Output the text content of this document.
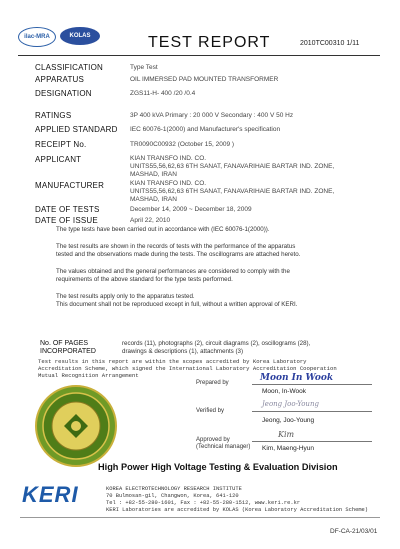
ilac-MRA	KOLAS	TEST REPORT	2010TC00310 1/11
CLASSIFICATION	Type Test
APPARATUS	OIL IMMERSED PAD MOUNTED TRANSFORMER
DESIGNATION	ZGS11-H- 400 /20 /0.4
RATINGS	3P 400 kVA Primary : 20 000 V Secondary : 400 V 50 Hz
APPLIED STANDARD IEC 60076-1(2000) and Manufacturer's specification
RECEIPT No.	TR0090C00932 (October 15, 2009 )
APPLICANT	KIAN TRANSFO IND. CO.
UNITS55,56,62,63 6TH SANAT, FANAVARIHAIE BARTAR IND. ZONE,
MASHAD, IRAN
MANUFACTURER	KIAN TRANSFO IND. CO.
UNITS55,56,62,63 6TH SANAT, FANAVARIHAIE BARTAR IND. ZONE,
MASHAD, IRAN
DATE OF TESTS	December 14, 2009 ~ December 18, 2009
DATE OF ISSUE	April 22, 2010
The type tests have been carried out in accordance with (IEC 60076-1(2000)).
The test results are shown in the records of tests with the performance of the apparatus
tested and the observations made during the tests. The oscillograms are attached hereto.
The values obtained and the general performances are considered to comply with the
requirements of the above standard for the type tests performed.
The test results apply only to the apparatus tested.
This document shall not be reproduced except in full, without a written approval of KERI.
No. OF PAGES
INCORPORATED
records (11), photographs (2), circuit diagrams (2), oscillograms (28),
drawings & descriptions (1), attachments (3)
Test results in this report are within the scopes accredited by Korea Laboratory
Accreditation Scheme, which signed the International Laboratory Accreditation Cooperation
Mutual Recognition Arrangement
Prepared by	Moon In Wook
Moon, In-Wook
Verified by
Jeong Joo-Young
Jeong, Joo-Young
Approved by
(Technical manager)
Kim
Kim, Maeng-Hyun
High Power High Voltage Testing & Evaluation Division
KERI	KOREA ELECTROTECHNOLOGY RESEARCH INSTITUTE
70 Bulmosan-gil, Changwon, Korea, 641-120
Tel : +82-55-280-1601, Fax : +82-55-280-1512, www.keri.re.kr
KERI Laboratories are accredited by KOLAS (Korea Laboratory Accreditation Scheme)
DF-CA-21/03/01
